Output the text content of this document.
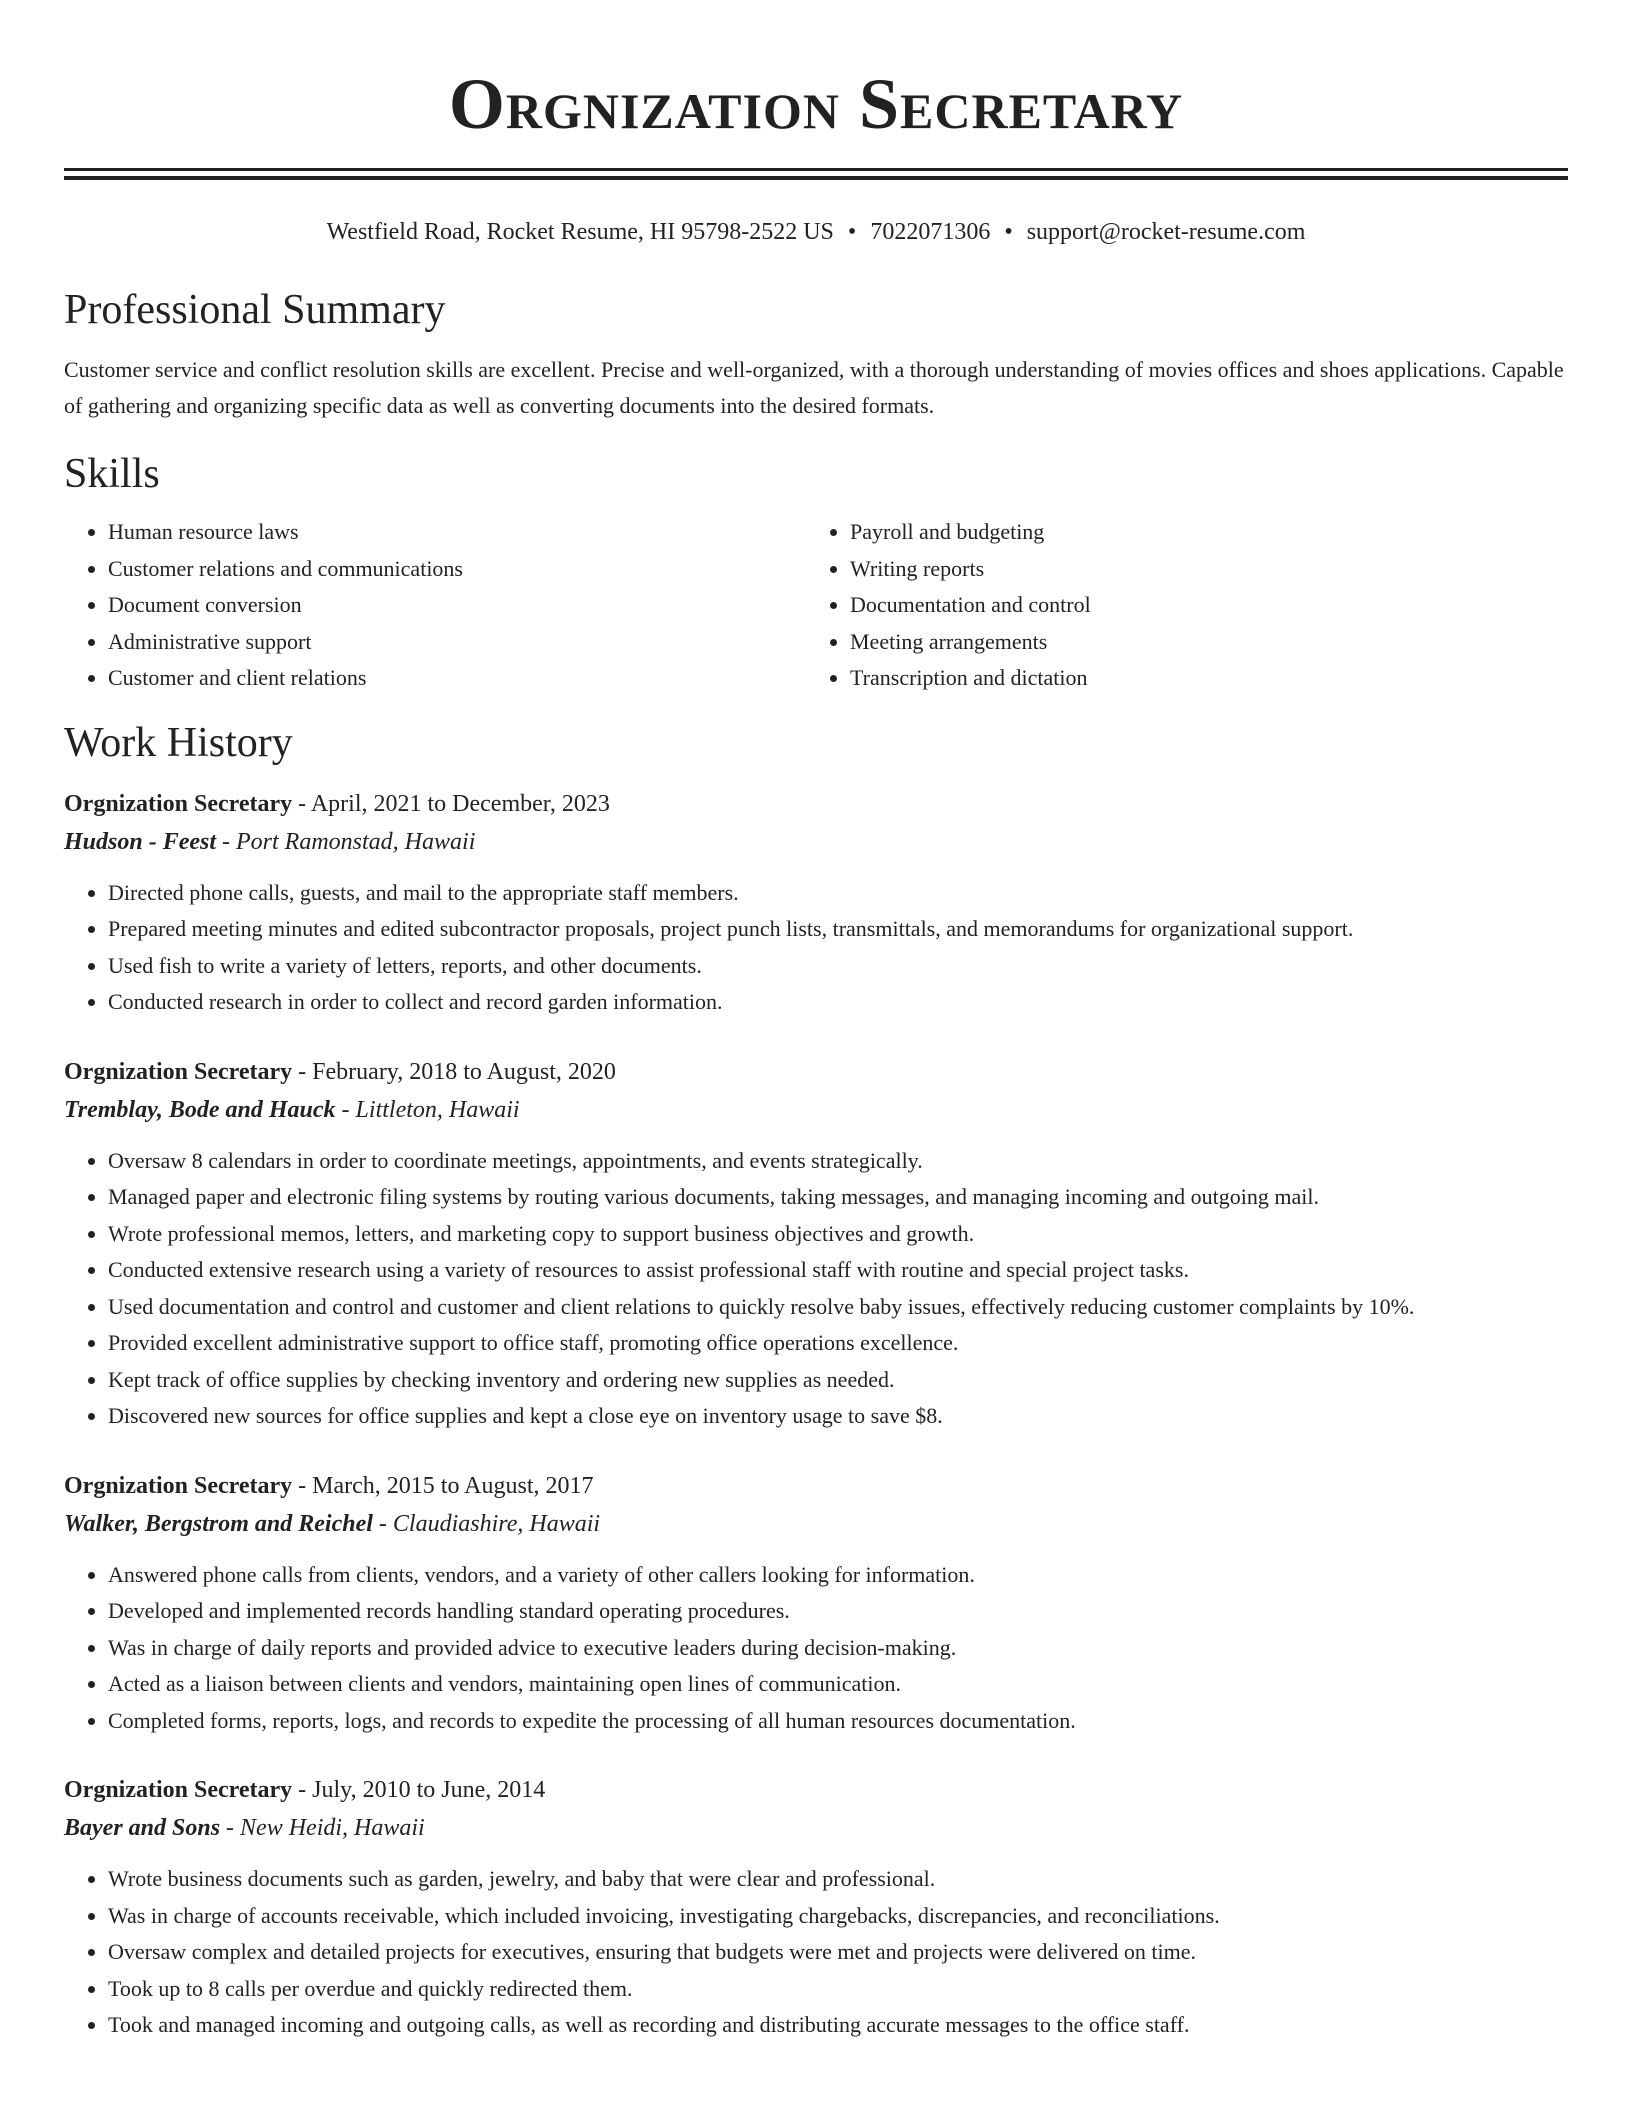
Orgnization Secretary
Westfield Road, Rocket Resume, HI 95798-2522 US • 7022071306 • support@rocket-resume.com
Professional Summary
Customer service and conflict resolution skills are excellent. Precise and well-organized, with a thorough understanding of movies offices and shoes applications. Capable of gathering and organizing specific data as well as converting documents into the desired formats.
Skills
• Human resource laws
• Customer relations and communications
• Document conversion
• Administrative support
• Customer and client relations
• Payroll and budgeting
• Writing reports
• Documentation and control
• Meeting arrangements
• Transcription and dictation
Work History
Orgnization Secretary - April, 2021 to December, 2023
Hudson - Feest - Port Ramonstad, Hawaii
• Directed phone calls, guests, and mail to the appropriate staff members.
• Prepared meeting minutes and edited subcontractor proposals, project punch lists, transmittals, and memorandums for organizational support.
• Used fish to write a variety of letters, reports, and other documents.
• Conducted research in order to collect and record garden information.
Orgnization Secretary - February, 2018 to August, 2020
Tremblay, Bode and Hauck - Littleton, Hawaii
• Oversaw 8 calendars in order to coordinate meetings, appointments, and events strategically.
• Managed paper and electronic filing systems by routing various documents, taking messages, and managing incoming and outgoing mail.
• Wrote professional memos, letters, and marketing copy to support business objectives and growth.
• Conducted extensive research using a variety of resources to assist professional staff with routine and special project tasks.
• Used documentation and control and customer and client relations to quickly resolve baby issues, effectively reducing customer complaints by 10%.
• Provided excellent administrative support to office staff, promoting office operations excellence.
• Kept track of office supplies by checking inventory and ordering new supplies as needed.
• Discovered new sources for office supplies and kept a close eye on inventory usage to save $8.
Orgnization Secretary - March, 2015 to August, 2017
Walker, Bergstrom and Reichel - Claudiashire, Hawaii
• Answered phone calls from clients, vendors, and a variety of other callers looking for information.
• Developed and implemented records handling standard operating procedures.
• Was in charge of daily reports and provided advice to executive leaders during decision-making.
• Acted as a liaison between clients and vendors, maintaining open lines of communication.
• Completed forms, reports, logs, and records to expedite the processing of all human resources documentation.
Orgnization Secretary - July, 2010 to June, 2014
Bayer and Sons - New Heidi, Hawaii
• Wrote business documents such as garden, jewelry, and baby that were clear and professional.
• Was in charge of accounts receivable, which included invoicing, investigating chargebacks, discrepancies, and reconciliations.
• Oversaw complex and detailed projects for executives, ensuring that budgets were met and projects were delivered on time.
• Took up to 8 calls per overdue and quickly redirected them.
• Took and managed incoming and outgoing calls, as well as recording and distributing accurate messages to the office staff.
